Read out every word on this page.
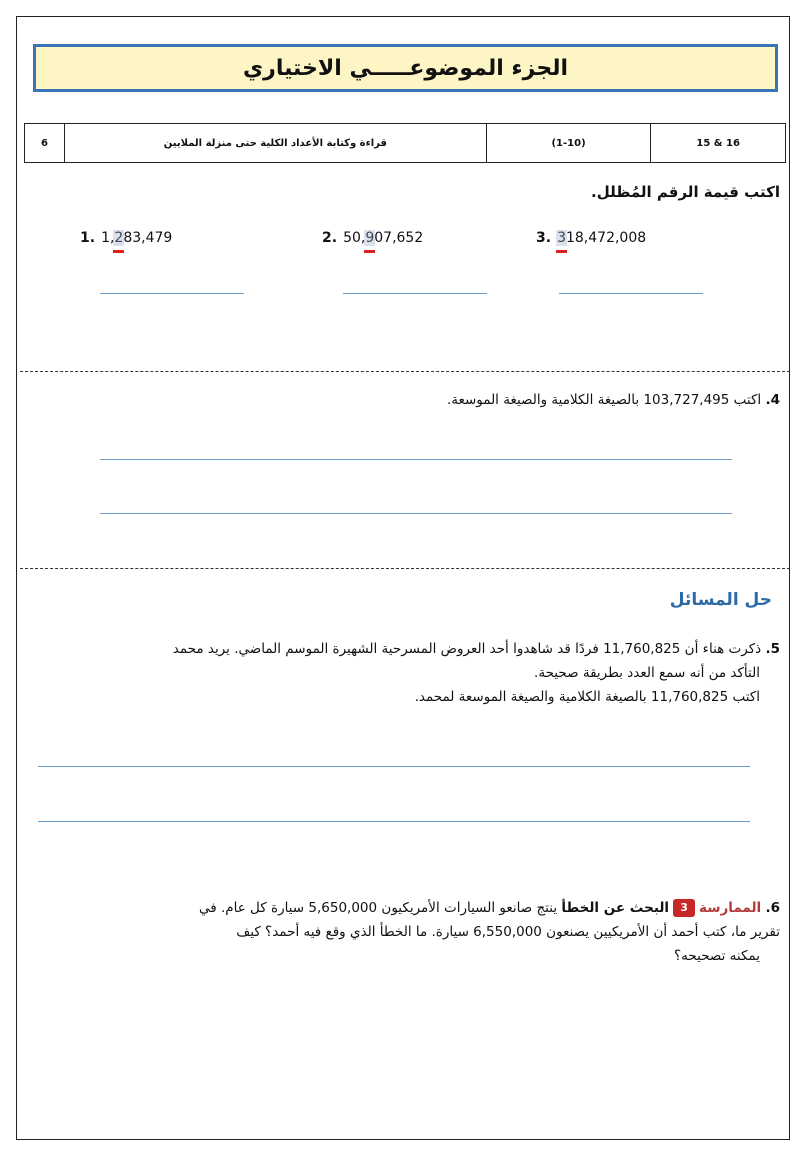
الجزء الموضوعـــــي الاختياري
6	قراءة وكتابة الأعداد الكلية حتى منزلة الملايين	(1-10)	15 & 16
اكتب قيمة الرقم المُظلل.
1. 1,283,479	2. 50,907,652	3. 318,472,008
4. اكتب 103,727,495 بالصيغة الكلامية والصيغة الموسعة.
حل المسائل
5. ذكرت هناء أن 11,760,825 فردًا قد شاهدوا أحد العروض المسرحية الشهيرة الموسم الماضي. يريد محمد
التأكد من أنه سمع العدد بطريقة صحيحة.
اكتب 11,760,825 بالصيغة الكلامية والصيغة الموسعة لمحمد.
6. الممارسة3البحث عن الخطأ ينتج صانعو السيارات الأمريكيون 5,650,000 سيارة كل عام. في
تقرير ما، كتب أحمد أن الأمريكيين يصنعون 6,550,000 سيارة. ما الخطأ الذي وقع فيه أحمد؟ كيف
يمكنه تصحيحه؟
